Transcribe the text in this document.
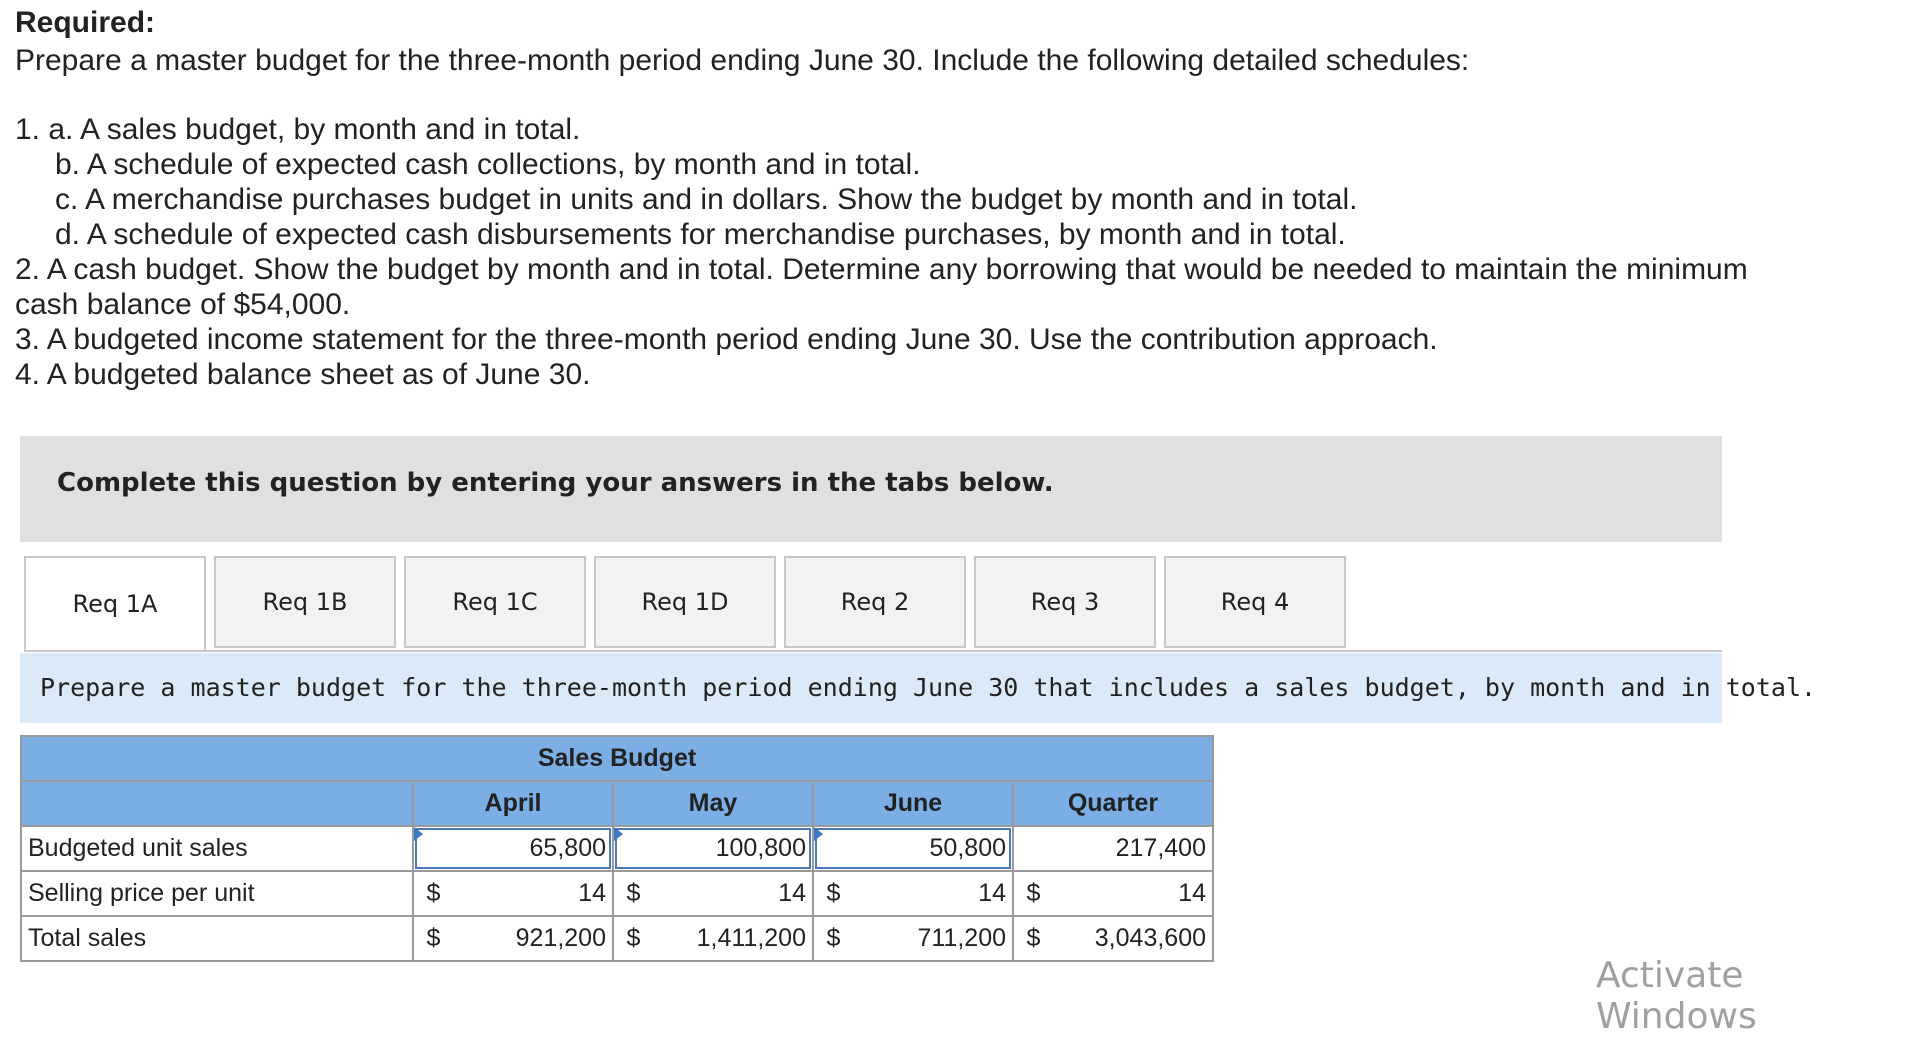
Required:
Prepare a master budget for the three-month period ending June 30. Include the following detailed schedules:
1. a. A sales budget, by month and in total.
b. A schedule of expected cash collections, by month and in total.
c. A merchandise purchases budget in units and in dollars. Show the budget by month and in total.
d. A schedule of expected cash disbursements for merchandise purchases, by month and in total.
2. A cash budget. Show the budget by month and in total. Determine any borrowing that would be needed to maintain the minimum
cash balance of $54,000.
3. A budgeted income statement for the three-month period ending June 30. Use the contribution approach.
4. A budgeted balance sheet as of June 30.
Complete this question by entering your answers in the tabs below.
Req 1A	Req 1B	Req 1C	Req 1D	Req 2	Req 3	Req 4
Prepare a master budget for the three-month period ending June 30 that includes a sales budget, by month and in total.
Sales Budget								
	April		May		June		Quarter	
Budgeted unit sales	65,800		100,800		50,800		217,400	
Selling price per unit	$	14	$	14	$	14	$	14
Total sales	$	921,200	$	1,411,200	$	711,200	$	3,043,600
Activate Windows
